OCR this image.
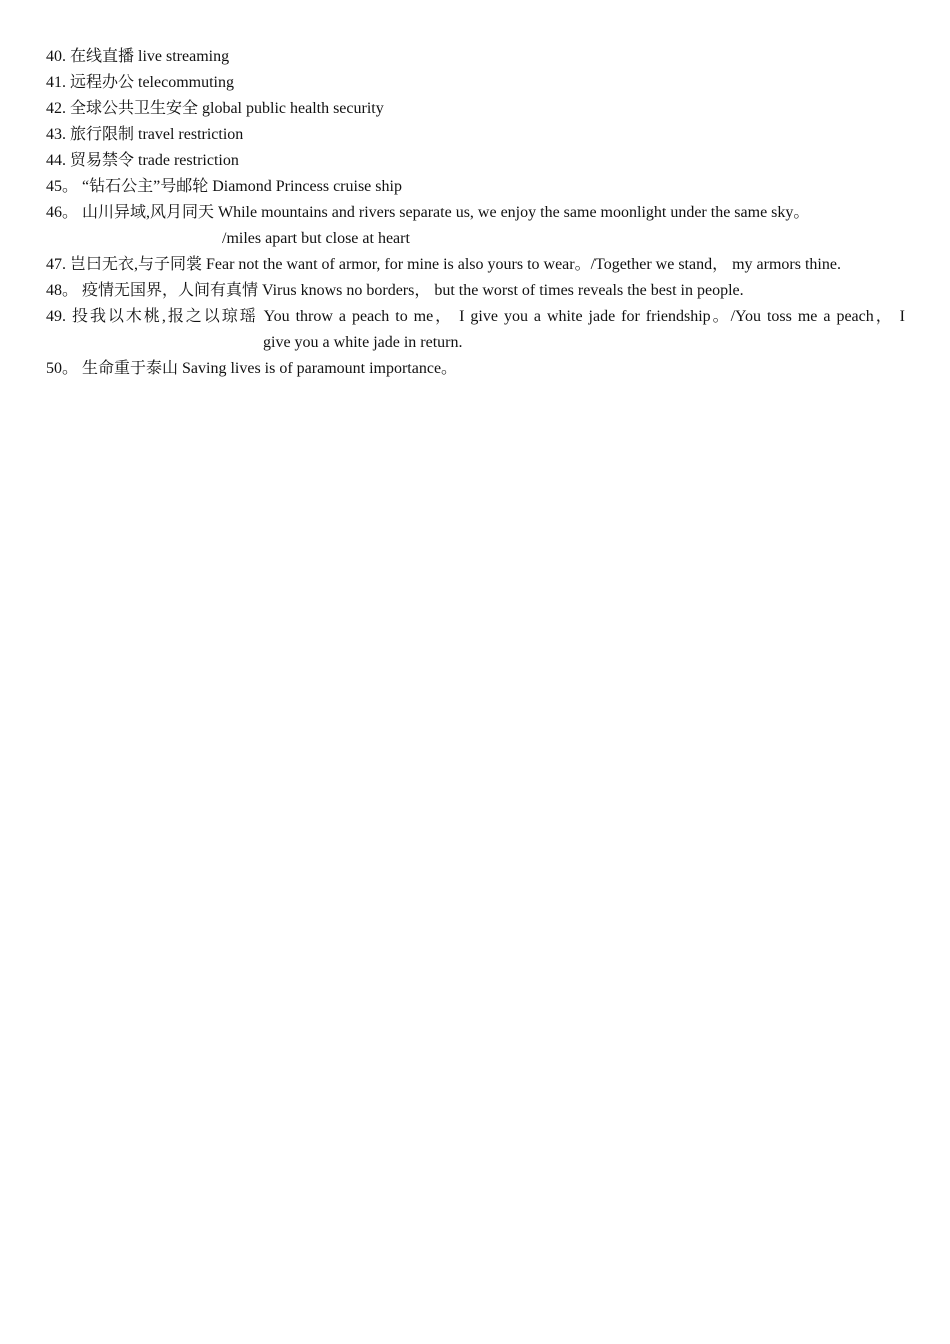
40. 在线直播 live streaming
41. 远程办公 telecommuting
42. 全球公共卫生安全 global public health security
43. 旅行限制 travel restriction
44. 贸易禁令 trade restriction
45。 “钻石公主”号邮轮 Diamond Princess cruise ship
46。 山川异域,风月同天 While mountains and rivers separate us, we enjoy the same moonlight under the same sky。
/miles apart but close at heart
47. 岂曰无衣,与子同裳 Fear not the want of armor, for mine is also yours to wear。/Together we stand， my armors thine.
48。 疫情无国界，人间有真情 Virus knows no borders， but the worst of times reveals the best in people.
49. 投我以木桃,报之以琼瑶 You throw a peach to me， I give you a white jade for friendship。/You toss me a peach， I
give you a white jade in return.
50。 生命重于泰山 Saving lives is of paramount importance。
